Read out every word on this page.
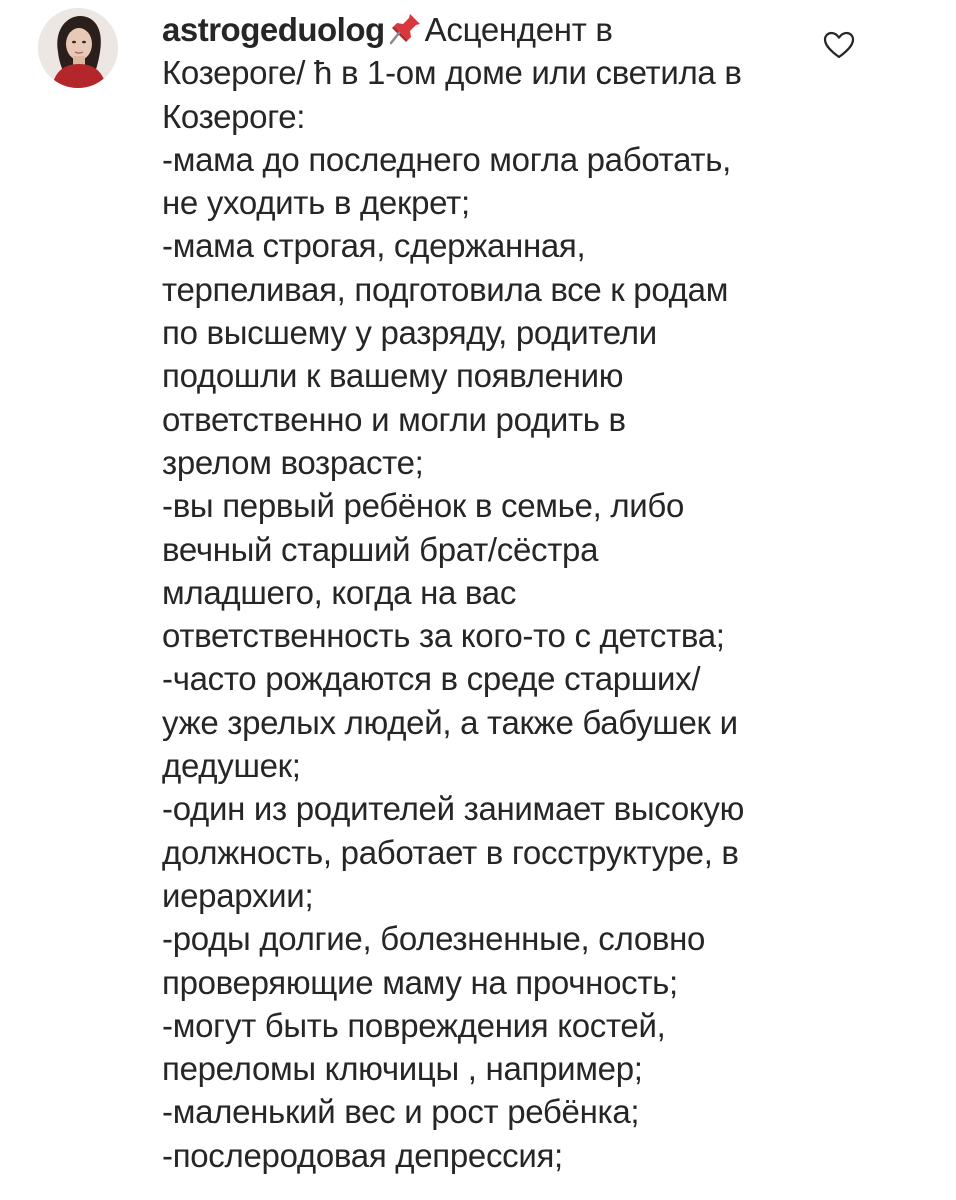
astrogeduolog Асцендент в
Козероге/ ħ в 1-ом доме или светила в
Козероге:
-мама до последнего могла работать,
не уходить в декрет;
-мама строгая, сдержанная,
терпеливая, подготовила все к родам
по высшему у разряду, родители
подошли к вашему появлению
ответственно и могли родить в
зрелом возрасте;
-вы первый ребёнок в семье, либо
вечный старший брат/сёстра
младшего, когда на вас
ответственность за кого-то с детства;
-часто рождаются в среде старших/
уже зрелых людей, а также бабушек и
дедушек;
-один из родителей занимает высокую
должность, работает в госструктуре, в
иерархии;
-роды долгие, болезненные, словно
проверяющие маму на прочность;
-могут быть повреждения костей,
переломы ключицы , например;
-маленький вес и рост ребёнка;
-послеродовая депрессия;
